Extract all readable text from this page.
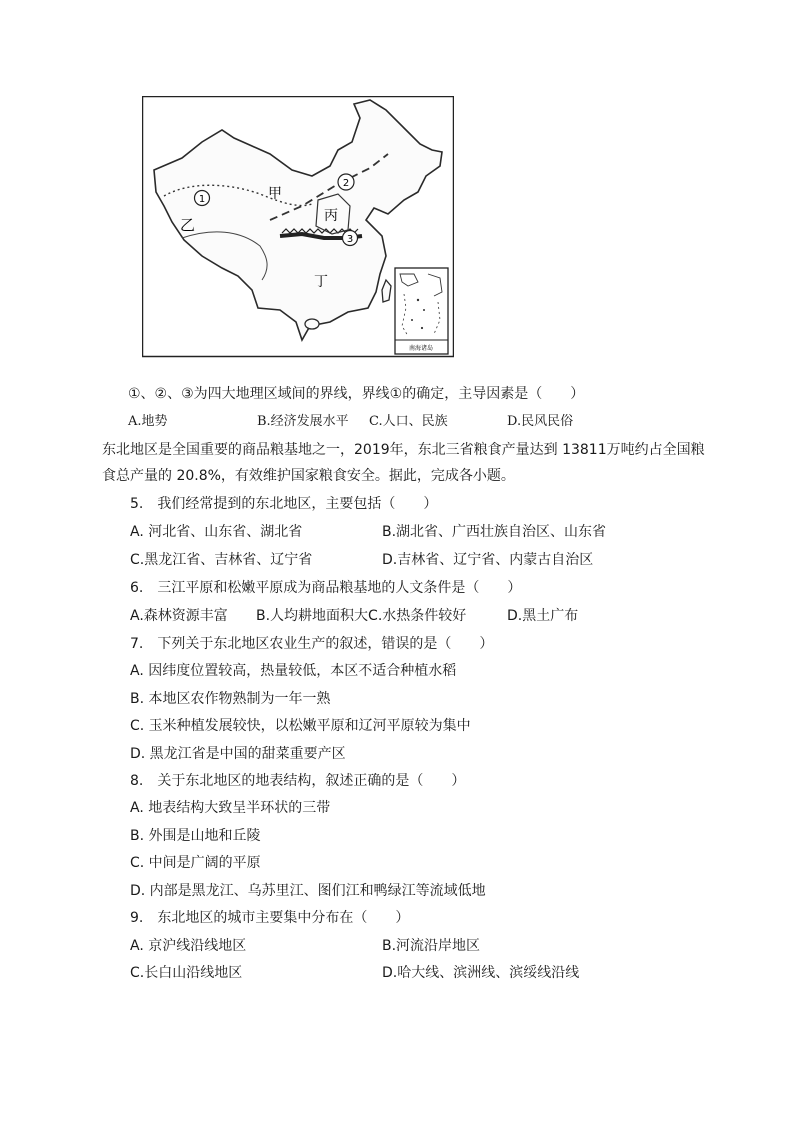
1
2
3
甲
乙	丙
丁
南海诸岛
①、②、③为四大地理区域间的界线，界线①的确定，主导因素是（　　）
A.地势	B.经济发展水平 C.人口、民族	D.民风民俗
东北地区是全国重要的商品粮基地之一，2019年，东北三省粮食产量达到 13811万吨约占全国粮
食总产量的 20.8%，有效维护国家粮食安全。据此，完成各小题。
5.　我们经常提到的东北地区，主要包括（　　）
A. 河北省、山东省、湖北省	B.湖北省、广西壮族自治区、山东省
C.黑龙江省、吉林省、辽宁省	D.吉林省、辽宁省、内蒙古自治区
6.　三江平原和松嫩平原成为商品粮基地的人文条件是（　　）
A.森林资源丰富 B.人均耕地面积大C.水热条件较好	D.黑土广布
7.　下列关于东北地区农业生产的叙述，错误的是（　　）
A. 因纬度位置较高，热量较低，本区不适合种植水稻
B. 本地区农作物熟制为一年一熟
C. 玉米种植发展较快，以松嫩平原和辽河平原较为集中
D. 黑龙江省是中国的甜菜重要产区
8.　关于东北地区的地表结构，叙述正确的是（　　）
A. 地表结构大致呈半环状的三带
B. 外围是山地和丘陵
C. 中间是广阔的平原
D. 内部是黑龙江、乌苏里江、图们江和鸭绿江等流域低地
9.　东北地区的城市主要集中分布在（　　）
A. 京沪线沿线地区	B.河流沿岸地区
C.长白山沿线地区	D.哈大线、滨洲线、滨绥线沿线
